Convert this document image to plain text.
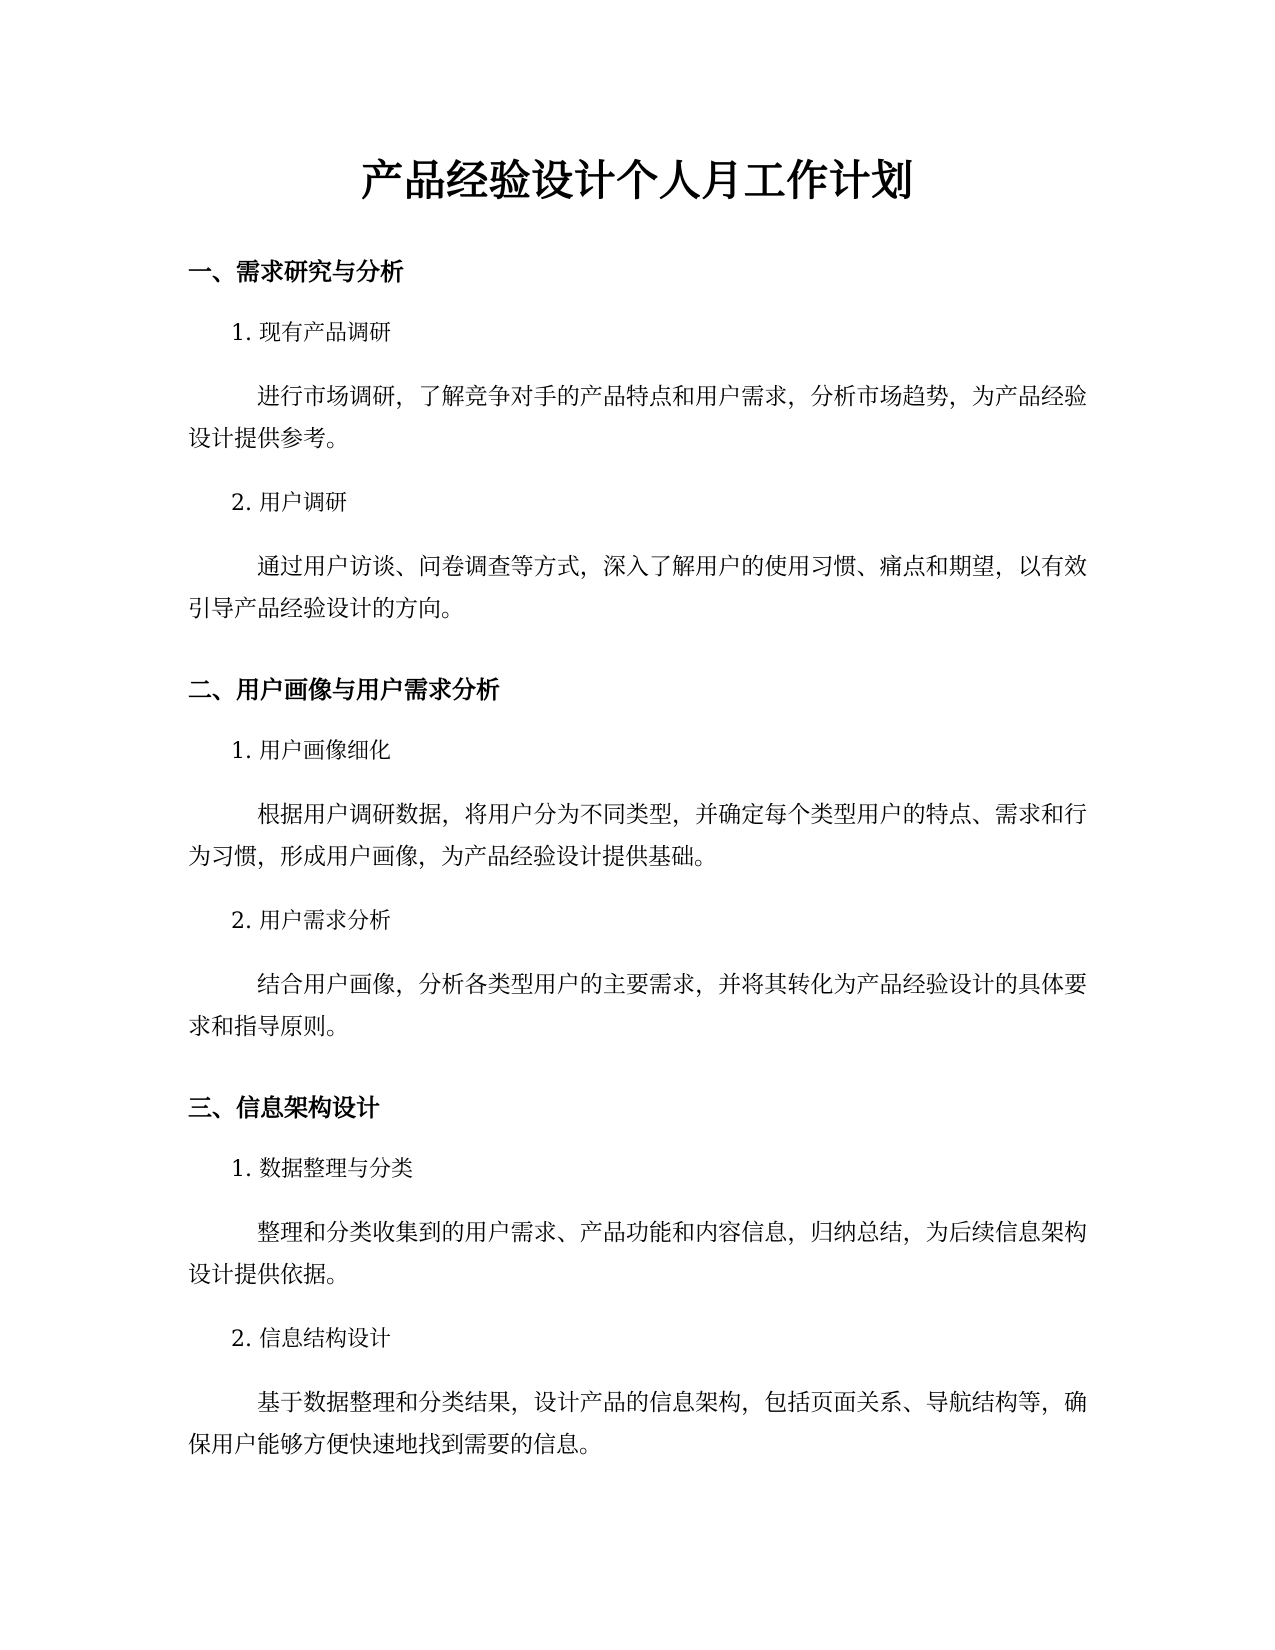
产品经验设计个人月工作计划
一、需求研究与分析
1. 现有产品调研

进行市场调研，了解竞争对手的产品特点和用户需求，分析市场趋势，为产品经验设计提供参考。

2. 用户调研

通过用户访谈、问卷调查等方式，深入了解用户的使用习惯、痛点和期望，以有效引导产品经验设计的方向。

二、用户画像与用户需求分析
1. 用户画像细化

根据用户调研数据，将用户分为不同类型，并确定每个类型用户的特点、需求和行为习惯，形成用户画像，为产品经验设计提供基础。

2. 用户需求分析

结合用户画像，分析各类型用户的主要需求，并将其转化为产品经验设计的具体要求和指导原则。

三、信息架构设计
1. 数据整理与分类

整理和分类收集到的用户需求、产品功能和内容信息，归纳总结，为后续信息架构设计提供依据。

2. 信息结构设计

基于数据整理和分类结果，设计产品的信息架构，包括页面关系、导航结构等，确保用户能够方便快速地找到需要的信息。
